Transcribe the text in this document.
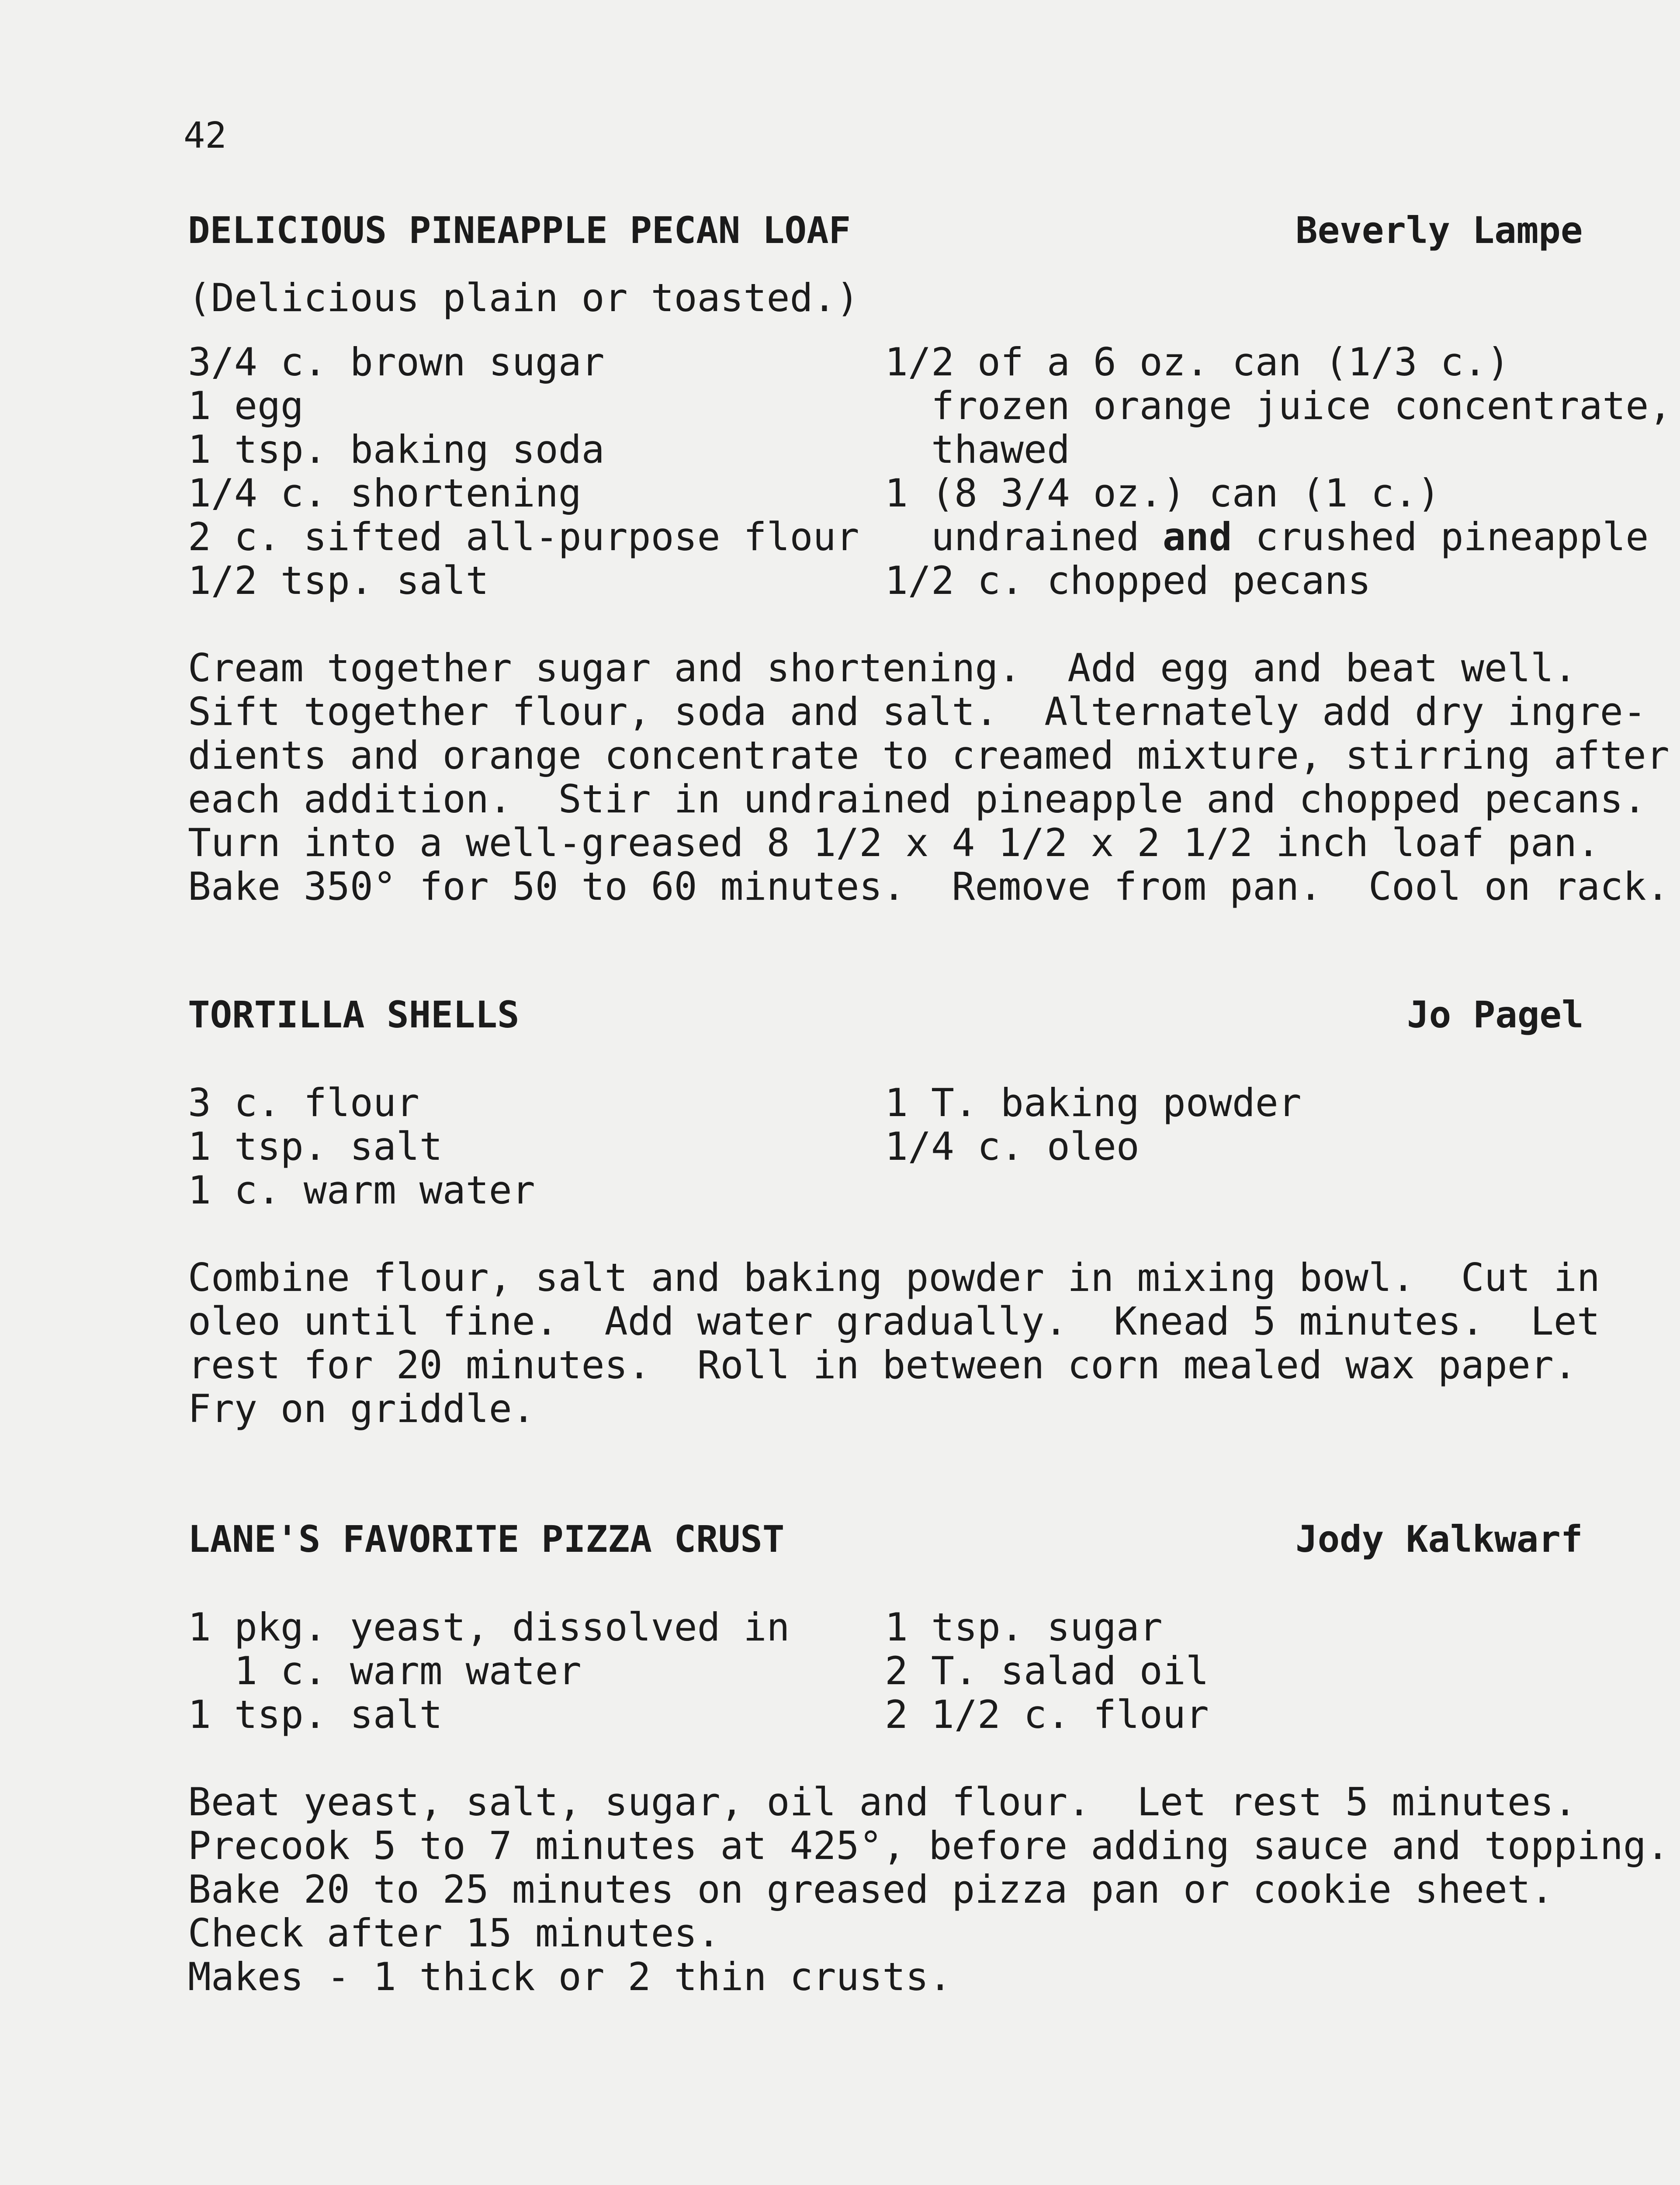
42
DELICIOUS PINEAPPLE PECAN LOAF	Beverly Lampe
(Delicious plain or toasted.)
3/4 c. brown sugar
1 egg
1 tsp. baking soda
1/4 c. shortening
2 c. sifted all-purpose flour
1/2 tsp. salt
1/2 of a 6 oz. can (1/3 c.)
frozen orange juice concentrate,
thawed
1 (8 3/4 oz.) can (1 c.)
undrained and crushed pineapple
1/2 c. chopped pecans
Cream together sugar and shortening.  Add egg and beat well.
Sift together flour, soda and salt.  Alternately add dry ingre-
dients and orange concentrate to creamed mixture, stirring after
each addition.  Stir in undrained pineapple and chopped pecans.
Turn into a well-greased 8 1/2 x 4 1/2 x 2 1/2 inch loaf pan.
Bake 350° for 50 to 60 minutes.  Remove from pan.  Cool on rack.
TORTILLA SHELLS	Jo Pagel
3 c. flour
1 tsp. salt
1 c. warm water
1 T. baking powder
1/4 c. oleo
Combine flour, salt and baking powder in mixing bowl.  Cut in
oleo until fine.  Add water gradually.  Knead 5 minutes.  Let
rest for 20 minutes.  Roll in between corn mealed wax paper.
Fry on griddle.
LANE'S FAVORITE PIZZA CRUST	Jody Kalkwarf
1 pkg. yeast, dissolved in
1 c. warm water
1 tsp. salt
1 tsp. sugar
2 T. salad oil
2 1/2 c. flour
Beat yeast, salt, sugar, oil and flour.  Let rest 5 minutes.
Precook 5 to 7 minutes at 425°, before adding sauce and topping.
Bake 20 to 25 minutes on greased pizza pan or cookie sheet.
Check after 15 minutes.
Makes - 1 thick or 2 thin crusts.
